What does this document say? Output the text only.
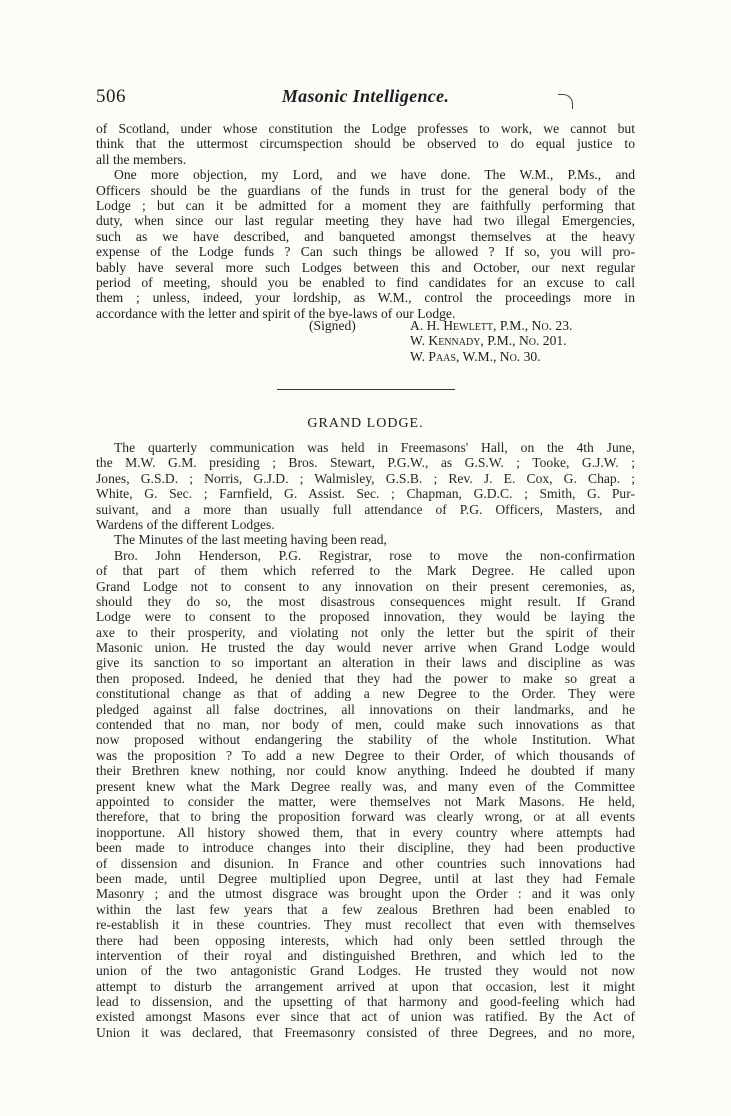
506	Masonic Intelligence.
of Scotland, under whose constitution the Lodge professes to work, we cannot but
think that the uttermost circumspection should be observed to do equal justice to
all the members.
One more objection, my Lord, and we have done. The W.M., P.Ms., and
Officers should be the guardians of the funds in trust for the general body of the
Lodge ; but can it be admitted for a moment they are faithfully performing that
duty, when since our last regular meeting they have had two illegal Emergencies,
such as we have described, and banqueted amongst themselves at the heavy
expense of the Lodge funds ? Can such things be allowed ? If so, you will pro-
bably have several more such Lodges between this and October, our next regular
period of meeting, should you be enabled to find candidates for an excuse to call
them ; unless, indeed, your lordship, as W.M., control the proceedings more in
accordance with the letter and spirit of the bye-laws of our Lodge.
(Signed)	A. H. Hewlett, P.M., No. 23.
W. Kennady, P.M., No. 201.
W. Paas, W.M., No. 30.
GRAND LODGE.
The quarterly communication was held in Freemasons' Hall, on the 4th June,
the M.W. G.M. presiding ; Bros. Stewart, P.G.W., as G.S.W. ; Tooke, G.J.W. ;
Jones, G.S.D. ; Norris, G.J.D. ; Walmisley, G.S.B. ; Rev. J. E. Cox, G. Chap. ;
White, G. Sec. ; Farnfield, G. Assist. Sec. ; Chapman, G.D.C. ; Smith, G. Pur-
suivant, and a more than usually full attendance of P.G. Officers, Masters, and
Wardens of the different Lodges.
The Minutes of the last meeting having been read,
Bro. John Henderson, P.G. Registrar, rose to move the non-confirmation
of that part of them which referred to the Mark Degree. He called upon
Grand Lodge not to consent to any innovation on their present ceremonies, as,
should they do so, the most disastrous consequences might result. If Grand
Lodge were to consent to the proposed innovation, they would be laying the
axe to their prosperity, and violating not only the letter but the spirit of their
Masonic union. He trusted the day would never arrive when Grand Lodge would
give its sanction to so important an alteration in their laws and discipline as was
then proposed. Indeed, he denied that they had the power to make so great a
constitutional change as that of adding a new Degree to the Order. They were
pledged against all false doctrines, all innovations on their landmarks, and he
contended that no man, nor body of men, could make such innovations as that
now proposed without endangering the stability of the whole Institution. What
was the proposition ? To add a new Degree to their Order, of which thousands of
their Brethren knew nothing, nor could know anything. Indeed he doubted if many
present knew what the Mark Degree really was, and many even of the Committee
appointed to consider the matter, were themselves not Mark Masons. He held,
therefore, that to bring the proposition forward was clearly wrong, or at all events
inopportune. All history showed them, that in every country where attempts had
been made to introduce changes into their discipline, they had been productive
of dissension and disunion. In France and other countries such innovations had
been made, until Degree multiplied upon Degree, until at last they had Female
Masonry ; and the utmost disgrace was brought upon the Order : and it was only
within the last few years that a few zealous Brethren had been enabled to
re-establish it in these countries. They must recollect that even with themselves
there had been opposing interests, which had only been settled through the
intervention of their royal and distinguished Brethren, and which led to the
union of the two antagonistic Grand Lodges. He trusted they would not now
attempt to disturb the arrangement arrived at upon that occasion, lest it might
lead to dissension, and the upsetting of that harmony and good-feeling which had
existed amongst Masons ever since that act of union was ratified. By the Act of
Union it was declared, that Freemasonry consisted of three Degrees, and no more,
